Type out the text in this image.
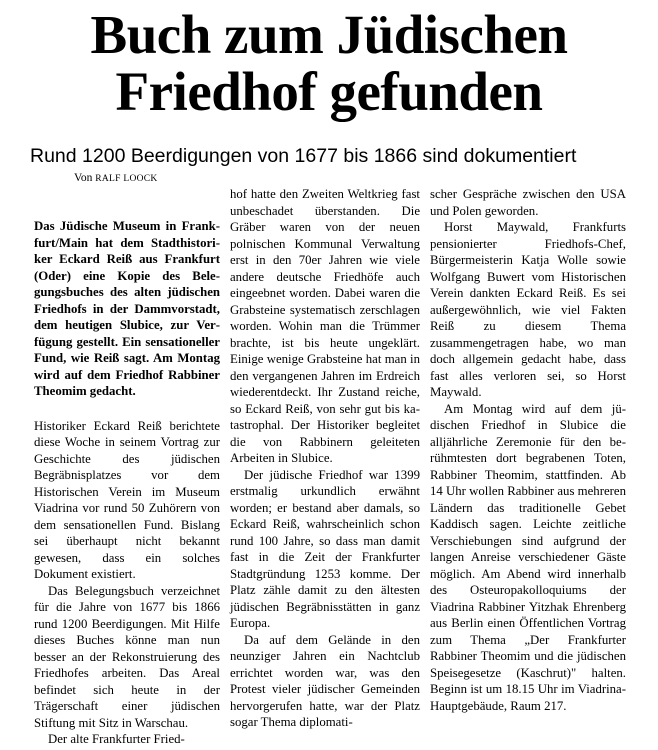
Buch zum Jüdischen
Friedhof gefunden

Rund 1200 Beerdigungen von 1677 bis 1866 sind dokumentiert

Von RALF LOOCK

Das Jüdische Museum in Frankfurt/Main hat dem Stadthistoriker Eckard Reiß aus Frankfurt (Oder) eine Kopie des Belegungsbuches des alten jüdischen Friedhofs in der Dammvorstadt, dem heutigen Slubice, zur Verfügung gestellt. Ein sensationeller Fund, wie Reiß sagt. Am Montag wird auf dem Friedhof Rabbiner Theomim gedacht.

Historiker Eckard Reiß berichtete diese Woche in seinem Vortrag zur Geschichte des jüdischen Begräbnisplatzes vor dem Historischen Verein im Museum Viadrina vor rund 50 Zuhörern von dem sensationellen Fund. Bislang sei überhaupt nicht bekannt gewesen, dass ein solches Dokument existiert.

Das Belegungsbuch verzeichnet für die Jahre von 1677 bis 1866 rund 1200 Beerdigungen. Mit Hilfe dieses Buches könne man nun besser an der Rekonstruierung des Friedhofes arbeiten. Das Areal befindet sich heute in der Trägerschaft einer jüdischen Stiftung mit Sitz in Warschau.

Der alte Frankfurter Fried-

hof hatte den Zweiten Weltkrieg fast unbeschadet überstanden. Die Gräber waren von der neuen polnischen Kommunal Verwaltung erst in den 70er Jahren wie viele andere deutsche Friedhöfe auch eingeebnet worden. Dabei waren die Grabsteine systematisch zerschlagen worden. Wohin man die Trümmer brachte, ist bis heute ungeklärt. Einige wenige Grabsteine hat man in den vergangenen Jahren im Erdreich wiederentdeckt. Ihr Zustand reiche, so Eckard Reiß, von sehr gut bis katastrophal. Der Historiker begleitet die von Rabbinern geleiteten Arbeiten in Slubice.

Der jüdische Friedhof war 1399 erstmalig urkundlich erwähnt worden; er bestand aber damals, so Eckard Reiß, wahrscheinlich schon rund 100 Jahre, so dass man damit fast in die Zeit der Frankfurter Stadtgründung 1253 komme. Der Platz zähle damit zu den ältesten jüdischen Begräbnisstätten in ganz Europa.

Da auf dem Gelände in den neunziger Jahren ein Nachtclub errichtet worden war, was den Protest vieler jüdischer Gemeinden hervorgerufen hatte, war der Platz sogar Thema diplomati-

scher Gespräche zwischen den USA und Polen geworden.

Horst Maywald, Frankfurts pensionierter Friedhofs-Chef, Bürgermeisterin Katja Wolle sowie Wolfgang Buwert vom Historischen Verein dankten Eckard Reiß. Es sei außergewöhnlich, wie viel Fakten Reiß zu diesem Thema zusammengetragen habe, wo man doch allgemein gedacht habe, dass fast alles verloren sei, so Horst Maywald.

Am Montag wird auf dem jüdischen Friedhof in Slubice die alljährliche Zeremonie für den berühmtesten dort begrabenen Toten, Rabbiner Theomim, stattfinden. Ab 14 Uhr wollen Rabbiner aus mehreren Ländern das traditionelle Gebet Kaddisch sagen. Leichte zeitliche Verschiebungen sind aufgrund der langen Anreise verschiedener Gäste möglich. Am Abend wird innerhalb des Osteuropakolloquiums der Viadrina Rabbiner Yitzhak Ehrenberg aus Berlin einen Öffentlichen Vortrag zum Thema „Der Frankfurter Rabbiner Theomim und die jüdischen Speisegesetze (Kaschrut)" halten. Beginn ist um 18.15 Uhr im Viadrina-Hauptgebäude, Raum 217.
